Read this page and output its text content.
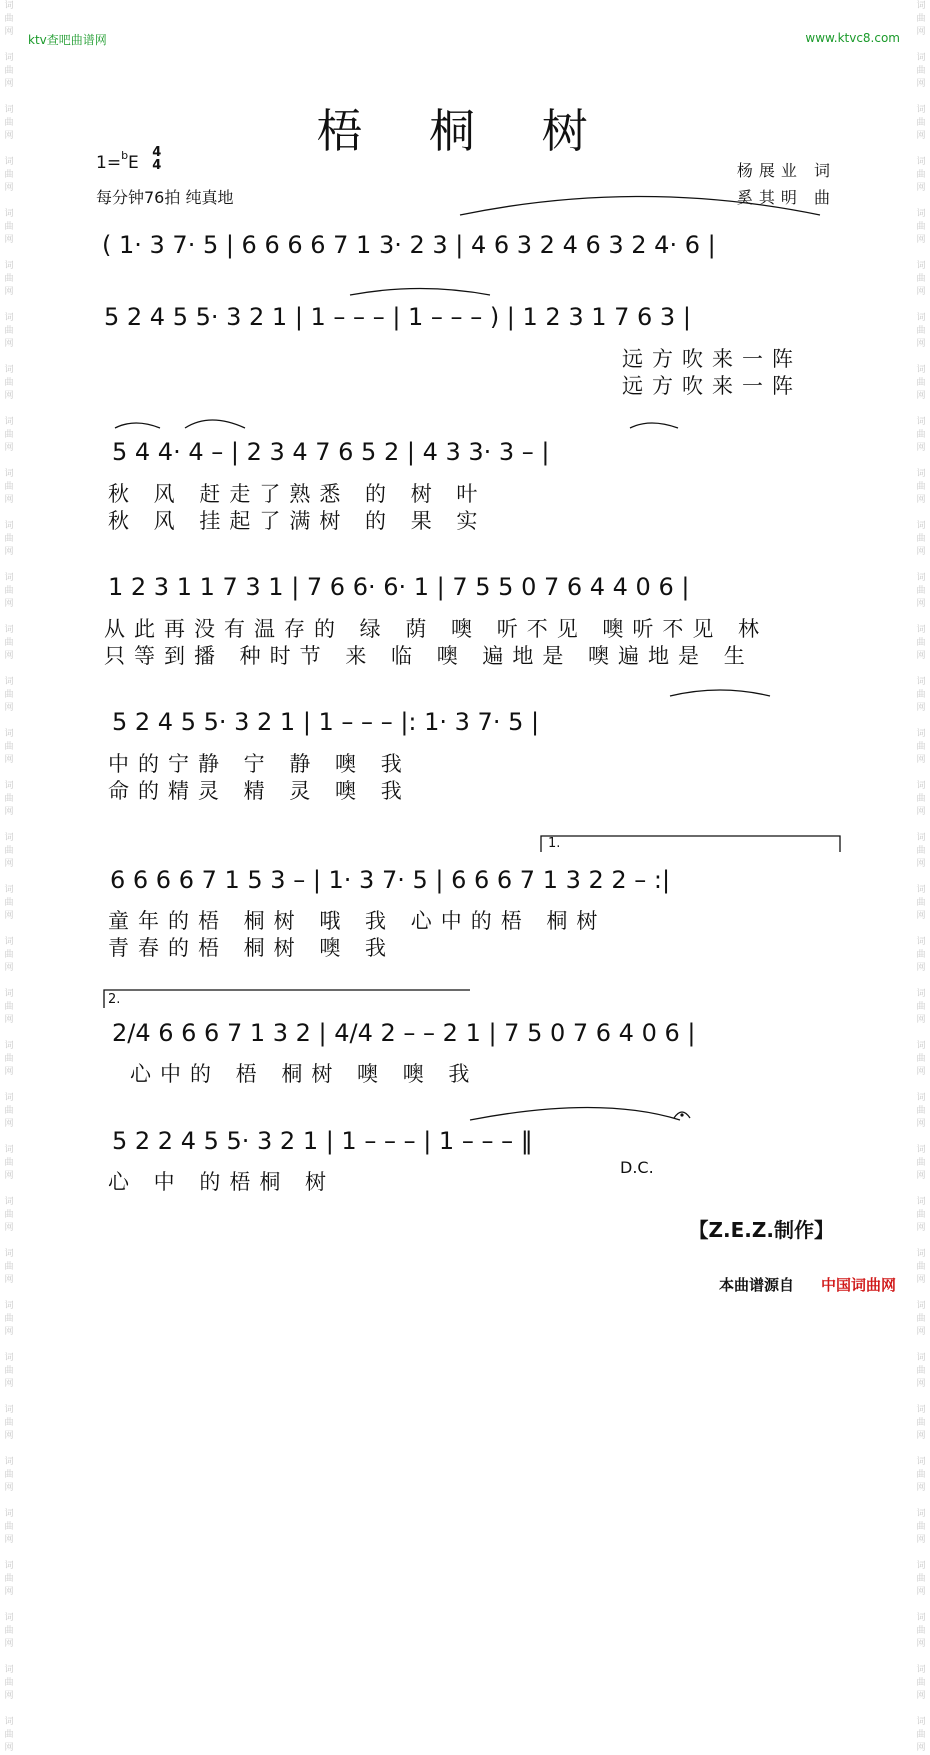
词
曲
网

词
曲
网

词
曲
网

词
曲
网

词
曲
网

词
曲
网

词
曲
网

词
曲
网

词
曲
网

词
曲
网

词
曲
网

词
曲
网

词
曲
网

词
曲
网

词
曲
网

词
曲
网

词
曲
网

词
曲
网

词
曲
网

词
曲
网

词
曲
网

词
曲
网

词
曲
网

词
曲
网

词
曲
网

词
曲
网

词
曲
网

词
曲
网

词
曲
网

词
曲
网

词
曲
网

词
曲
网

词
曲
网

词
曲
网

词
曲
网

词
曲
网

词
曲
网

词
曲
网

词
曲
网

词
曲
网

词
曲
网

词
曲
网

词
曲
网

词
曲
网

词
曲
网

词
曲
网

词
曲
网

词
曲
网

词
曲
网

词
曲
网

词
曲
网

词
曲
网

词
曲
网

词
曲
网

词
曲
网

词
曲
网

词
曲
网

词
曲
网

词
曲
网

词
曲
网

词
曲
网

词
曲
网

词
曲
网

词
曲
网

词
曲
网

词
曲
网

词
曲
网

词
曲
网

ktv查吧曲谱网	www.ktvc8.com
梧 桐 树
1=$^b$E 4
4
每分钟76拍 纯真地
杨展业 词
奚其明 曲
( 1· 3 7· 5 | 6 6 6 6 7 1 3· 2 3 | 4 6 3 2 4 6 3 2 4· 6 |
5 2 4 5 5· 3 2 1 | 1 – – – | 1 – – – ) | 1 2 3 1 7 6 3 |
远方吹来一阵
远方吹来一阵
5 4 4· 4 – | 2 3 4 7 6 5 2 | 4 3 3· 3 – |
秋 风 赶走了熟悉 的 树 叶
秋 风 挂起了满树 的 果 实
1 2 3 1 1 7 3 1 | 7 6 6· 6· 1 | 7 5 5 0 7 6 4 4 0 6 |
从此再没有温存的 绿 荫 噢 听不见 噢听不见 林
只等到播 种时节 来 临 噢 遍地是 噢遍地是 生
5 2 4 5 5· 3 2 1 | 1 – – – |: 1· 3 7· 5 |
中的宁静 宁 静 噢 我
命的精灵 精 灵 噢 我
1.
6 6 6 6 7 1 5 3 – | 1· 3 7· 5 | 6 6 6 7 1 3 2 2 – :|
童年的梧 桐树 哦 我 心中的梧 桐树
青春的梧 桐树 噢 我
2.
2/4 6 6 6 7 1 3 2 | 4/4 2 – – 2 1 | 7 5 0 7 6 4 0 6 |
心中的 梧 桐树 噢 噢 我
5 2 2 4 5 5· 3 2 1 | 1 – – – | 1 – – – ‖
心 中 的梧桐 树
D.C.
【Z.E.Z.制作】
本曲谱源自 中国词曲网
